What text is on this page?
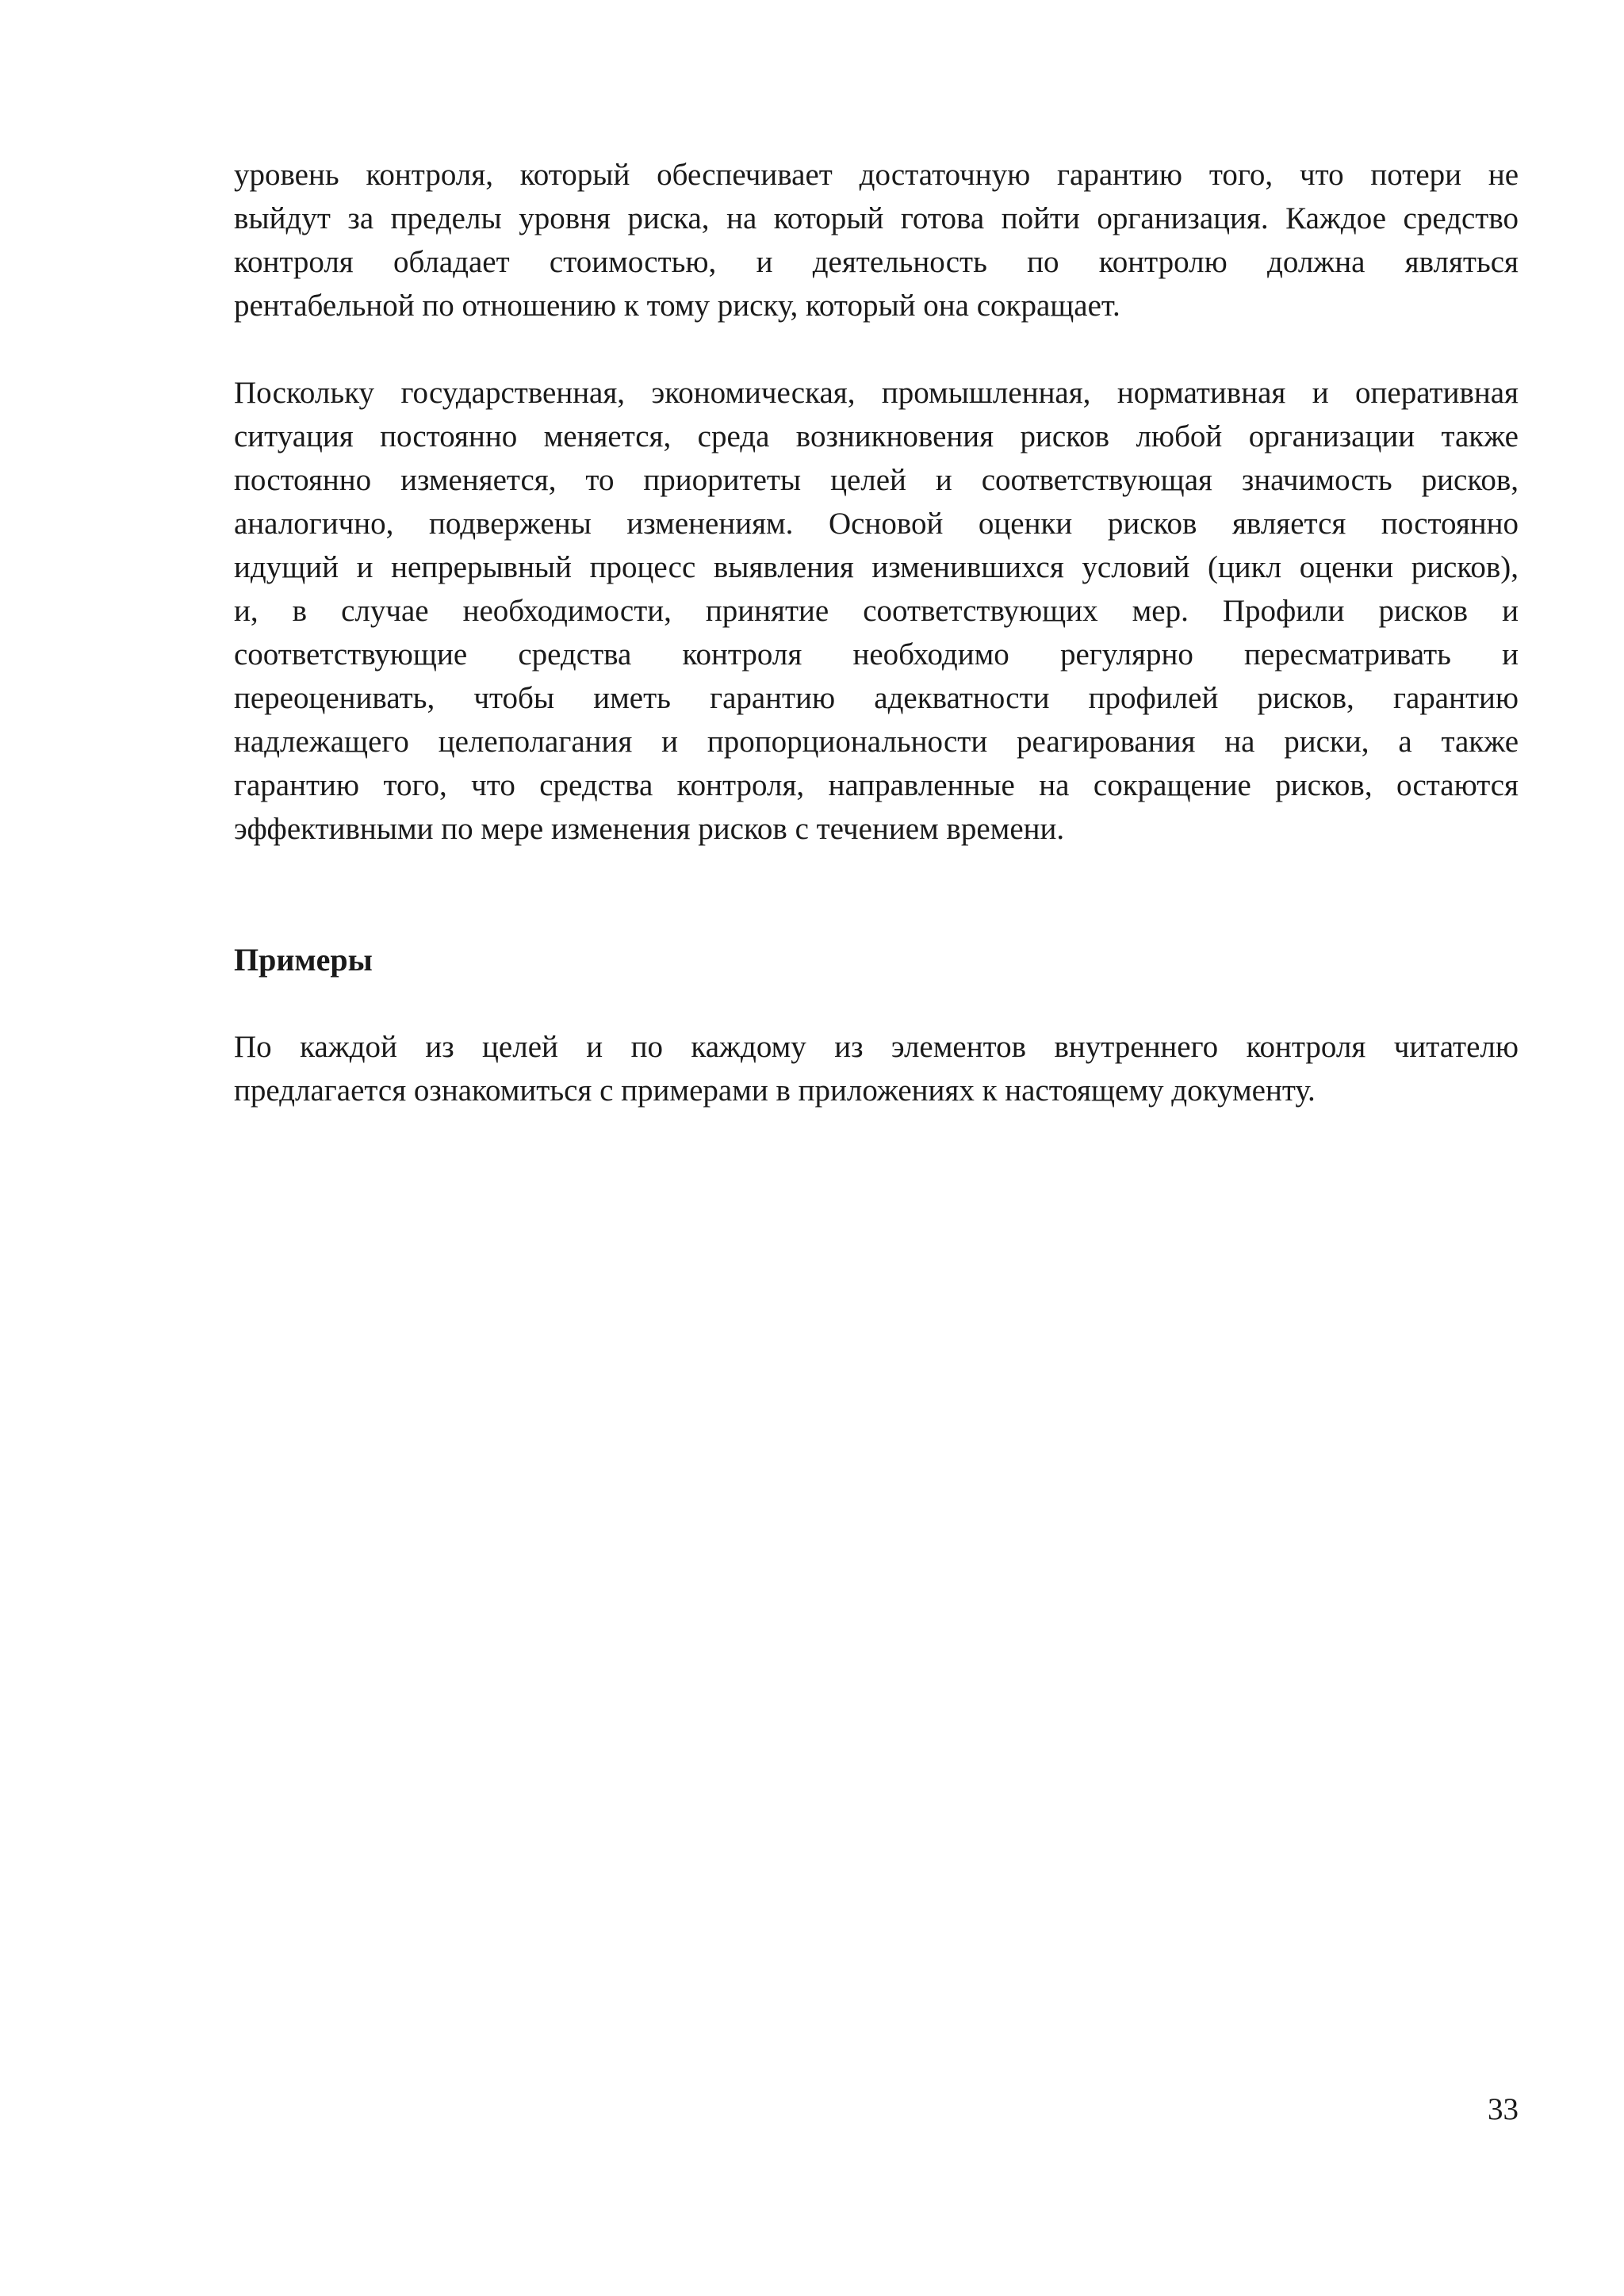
уровень контроля, который обеспечивает достаточную гарантию того, что потери не
выйдут за пределы уровня риска, на который готова пойти организация. Каждое средство
контроля обладает стоимостью, и деятельность по контролю должна являться
рентабельной по отношению к тому риску, который она сокращает.
Поскольку государственная, экономическая, промышленная, нормативная и оперативная
ситуация постоянно меняется, среда возникновения рисков любой организации также
постоянно изменяется, то приоритеты целей и соответствующая значимость рисков,
аналогично, подвержены изменениям. Основой оценки рисков является постоянно
идущий и непрерывный процесс выявления изменившихся условий (цикл оценки рисков),
и, в случае необходимости, принятие соответствующих мер. Профили рисков и
соответствующие средства контроля необходимо регулярно пересматривать и
переоценивать, чтобы иметь гарантию адекватности профилей рисков, гарантию
надлежащего целеполагания и пропорциональности реагирования на риски, а также
гарантию того, что средства контроля, направленные на сокращение рисков, остаются
эффективными по мере изменения рисков с течением времени.
Примеры
По каждой из целей и по каждому из элементов внутреннего контроля читателю
предлагается ознакомиться с примерами в приложениях к настоящему документу.
33
